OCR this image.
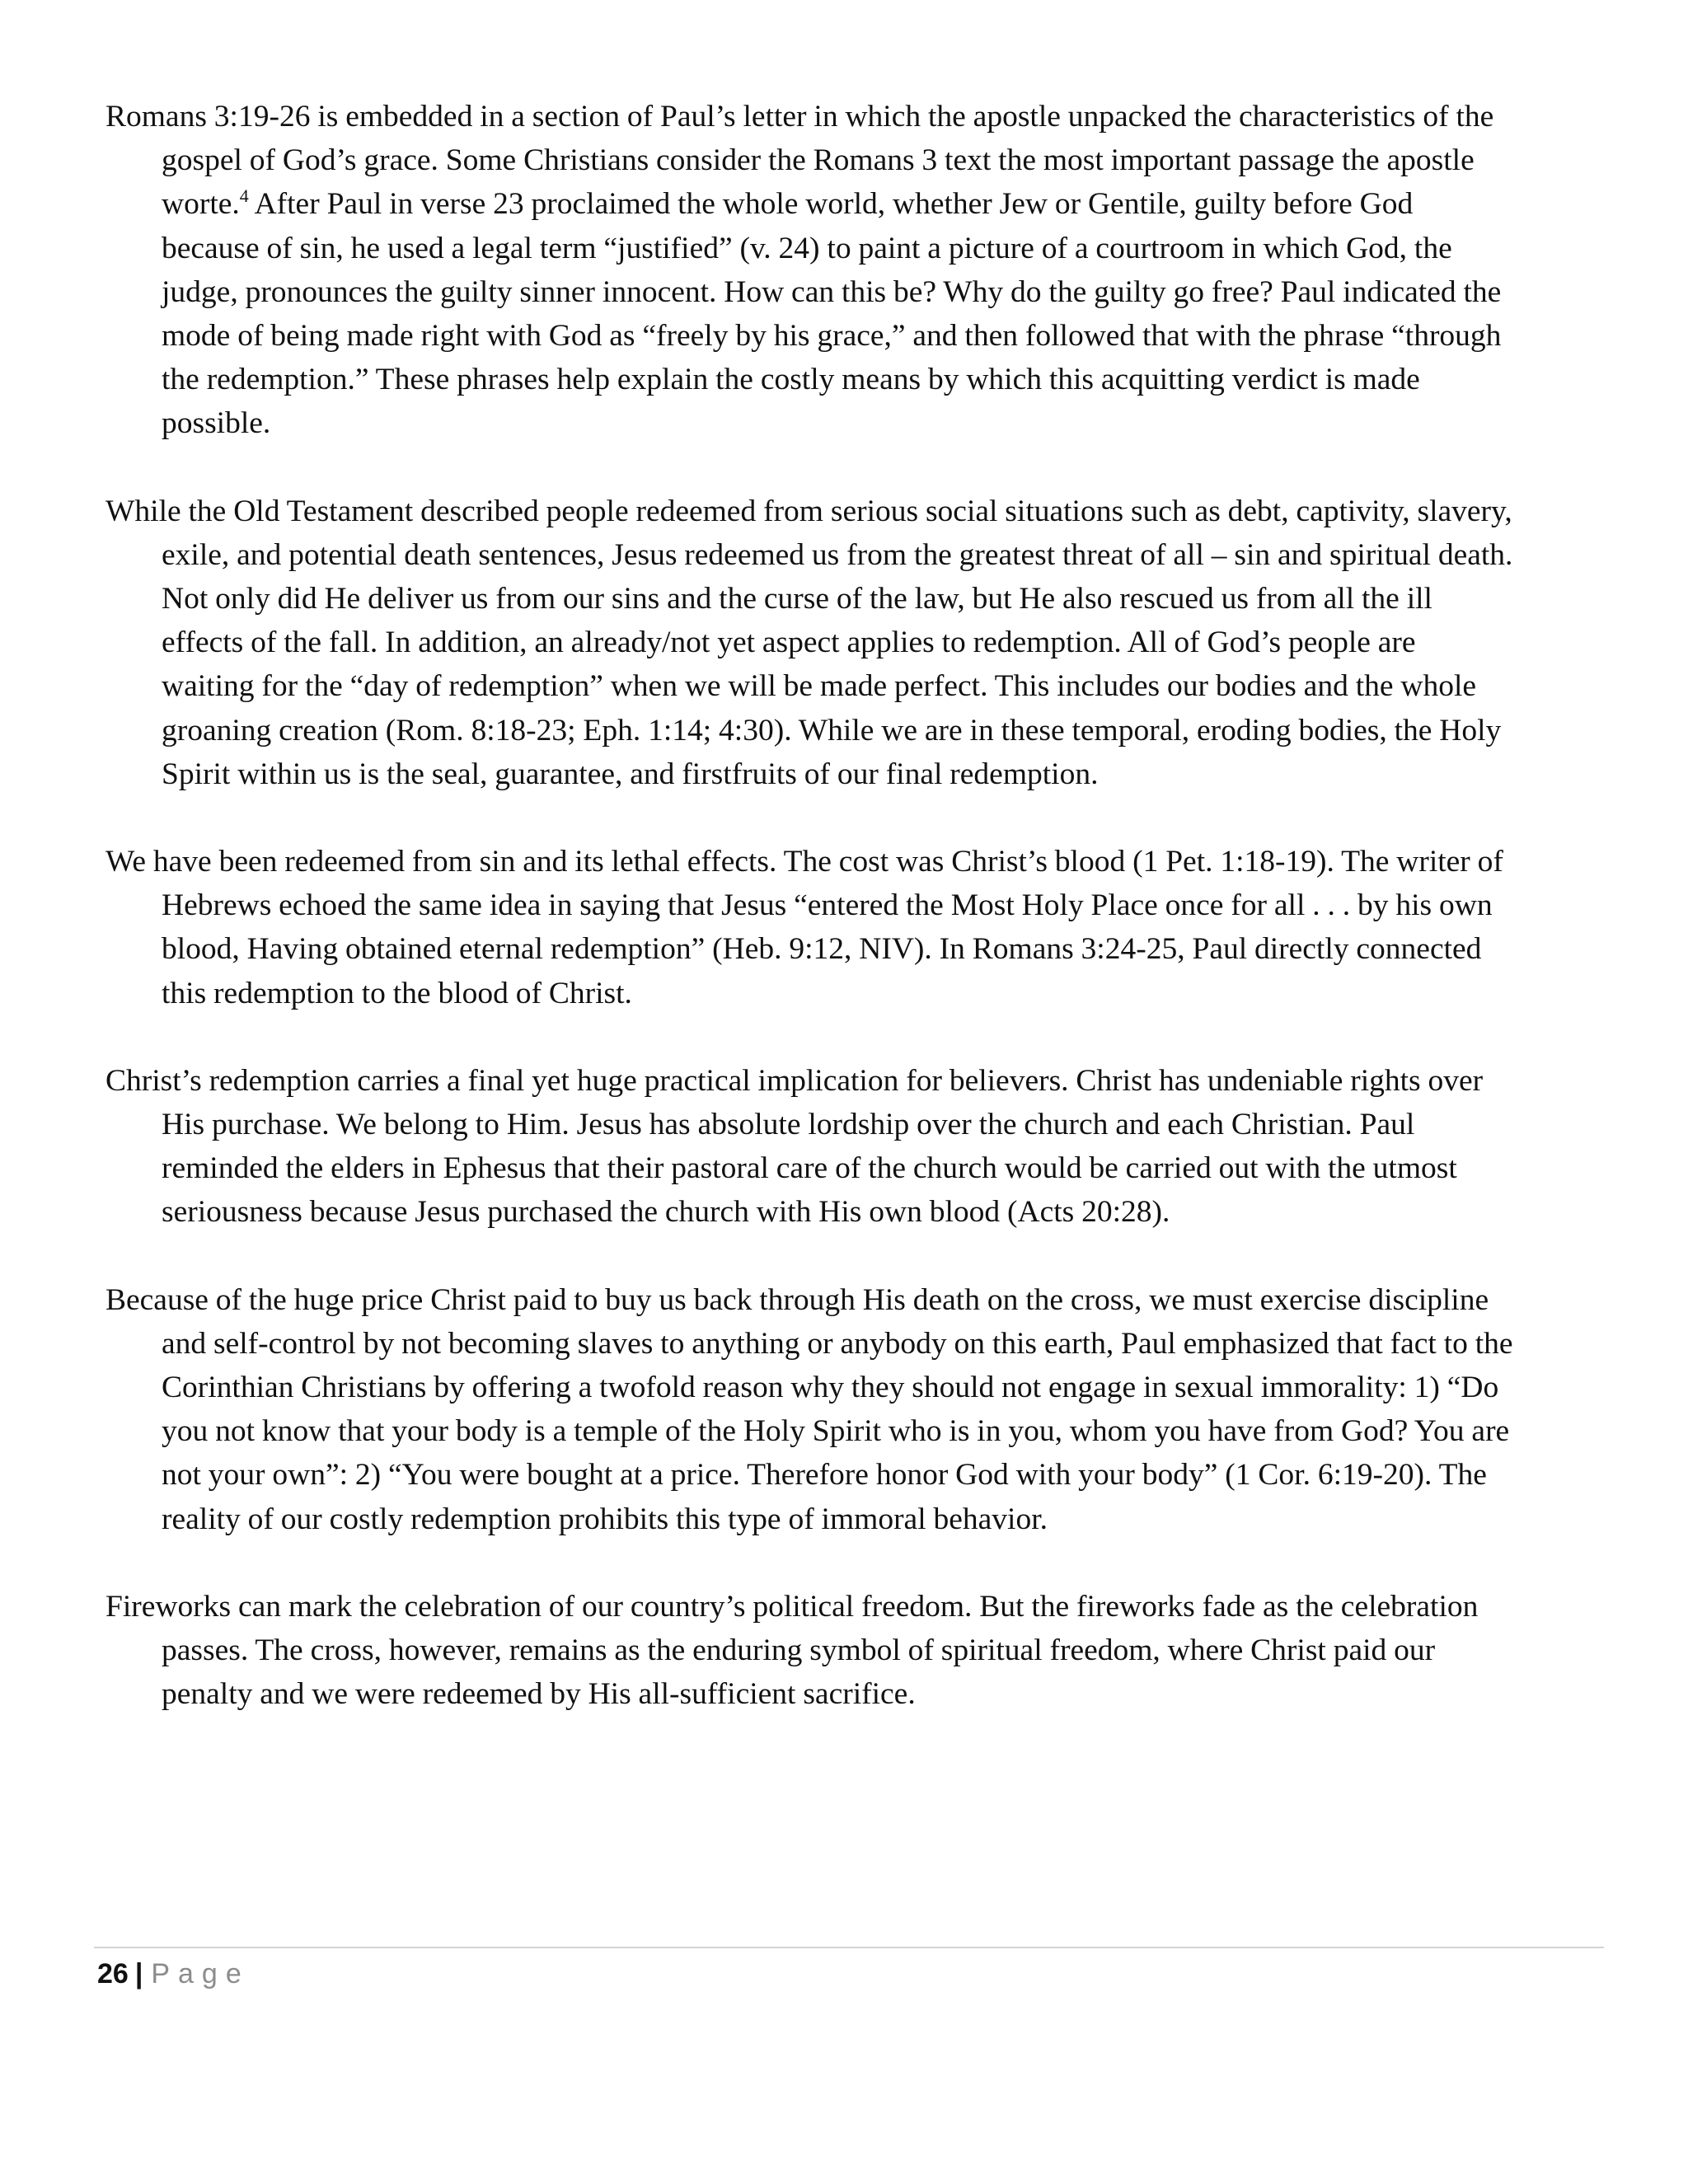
Romans 3:19-26 is embedded in a section of Paul’s letter in which the apostle unpacked the characteristics of the gospel of God’s grace. Some Christians consider the Romans 3 text the most important passage the apostle worte.$^4$ After Paul in verse 23 proclaimed the whole world, whether Jew or Gentile, guilty before God because of sin, he used a legal term “justified” (v. 24) to paint a picture of a courtroom in which God, the judge, pronounces the guilty sinner innocent. How can this be? Why do the guilty go free? Paul indicated the mode of being made right with God as “freely by his grace,” and then followed that with the phrase “through the redemption.” These phrases help explain the costly means by which this acquitting verdict is made possible.

While the Old Testament described people redeemed from serious social situations such as debt, captivity, slavery, exile, and potential death sentences, Jesus redeemed us from the greatest threat of all – sin and spiritual death. Not only did He deliver us from our sins and the curse of the law, but He also rescued us from all the ill effects of the fall. In addition, an already/not yet aspect applies to redemption. All of God’s people are waiting for the “day of redemption” when we will be made perfect. This includes our bodies and the whole groaning creation (Rom. 8:18-23; Eph. 1:14; 4:30). While we are in these temporal, eroding bodies, the Holy Spirit within us is the seal, guarantee, and firstfruits of our final redemption.

We have been redeemed from sin and its lethal effects. The cost was Christ’s blood (1 Pet. 1:18-19). The writer of Hebrews echoed the same idea in saying that Jesus “entered the Most Holy Place once for all . . . by his own blood, Having obtained eternal redemption” (Heb. 9:12, NIV). In Romans 3:24-25, Paul directly connected this redemption to the blood of Christ.

Christ’s redemption carries a final yet huge practical implication for believers. Christ has undeniable rights over His purchase. We belong to Him. Jesus has absolute lordship over the church and each Christian. Paul reminded the elders in Ephesus that their pastoral care of the church would be carried out with the utmost seriousness because Jesus purchased the church with His own blood (Acts 20:28).

Because of the huge price Christ paid to buy us back through His death on the cross, we must exercise discipline and self-control by not becoming slaves to anything or anybody on this earth, Paul emphasized that fact to the Corinthian Christians by offering a twofold reason why they should not engage in sexual immorality: 1) “Do you not know that your body is a temple of the Holy Spirit who is in you, whom you have from God? You are not your own”: 2) “You were bought at a price. Therefore honor God with your body” (1 Cor. 6:19-20). The reality of our costly redemption prohibits this type of immoral behavior.

Fireworks can mark the celebration of our country’s political freedom. But the fireworks fade as the celebration passes. The cross, however, remains as the enduring symbol of spiritual freedom, where Christ paid our penalty and we were redeemed by His all-sufficient sacrifice.

26 | Page
